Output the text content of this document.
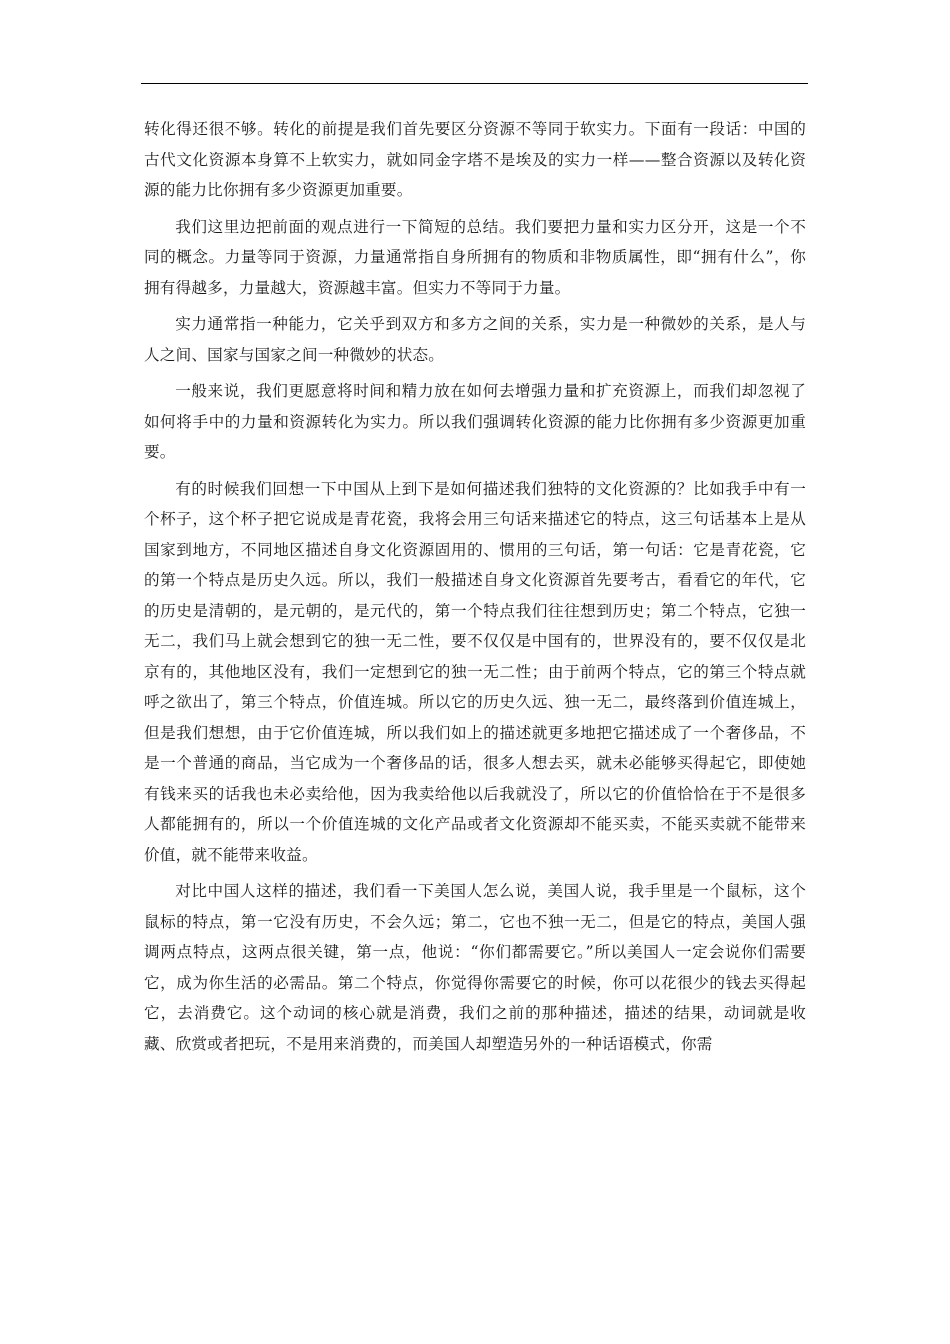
转化得还很不够。转化的前提是我们首先要区分资源不等同于软实力。下面有一段话：中国的古代文化资源本身算不上软实力，就如同金字塔不是埃及的实力一样——整合资源以及转化资源的能力比你拥有多少资源更加重要。

我们这里边把前面的观点进行一下简短的总结。我们要把力量和实力区分开，这是一个不同的概念。力量等同于资源，力量通常指自身所拥有的物质和非物质属性，即“拥有什么”，你拥有得越多，力量越大，资源越丰富。但实力不等同于力量。

实力通常指一种能力，它关乎到双方和多方之间的关系，实力是一种微妙的关系，是人与人之间、国家与国家之间一种微妙的状态。

一般来说，我们更愿意将时间和精力放在如何去增强力量和扩充资源上，而我们却忽视了如何将手中的力量和资源转化为实力。所以我们强调转化资源的能力比你拥有多少资源更加重要。

有的时候我们回想一下中国从上到下是如何描述我们独特的文化资源的？比如我手中有一个杯子，这个杯子把它说成是青花瓷，我将会用三句话来描述它的特点，这三句话基本上是从国家到地方，不同地区描述自身文化资源固用的、惯用的三句话，第一句话：它是青花瓷，它的第一个特点是历史久远。所以，我们一般描述自身文化资源首先要考古，看看它的年代，它的历史是清朝的，是元朝的，是元代的，第一个特点我们往往想到历史；第二个特点，它独一无二，我们马上就会想到它的独一无二性，要不仅仅是中国有的，世界没有的，要不仅仅是北京有的，其他地区没有，我们一定想到它的独一无二性；由于前两个特点，它的第三个特点就呼之欲出了，第三个特点，价值连城。所以它的历史久远、独一无二，最终落到价值连城上，但是我们想想，由于它价值连城，所以我们如上的描述就更多地把它描述成了一个奢侈品，不是一个普通的商品，当它成为一个奢侈品的话，很多人想去买，就未必能够买得起它，即使她有钱来买的话我也未必卖给他，因为我卖给他以后我就没了，所以它的价值恰恰在于不是很多人都能拥有的，所以一个价值连城的文化产品或者文化资源却不能买卖，不能买卖就不能带来价值，就不能带来收益。

对比中国人这样的描述，我们看一下美国人怎么说，美国人说，我手里是一个鼠标，这个鼠标的特点，第一它没有历史，不会久远；第二，它也不独一无二，但是它的特点，美国人强调两点特点，这两点很关键，第一点，他说：“你们都需要它。”所以美国人一定会说你们需要它，成为你生活的必需品。第二个特点，你觉得你需要它的时候，你可以花很少的钱去买得起它，去消费它。这个动词的核心就是消费，我们之前的那种描述，描述的结果，动词就是收藏、欣赏或者把玩，不是用来消费的，而美国人却塑造另外的一种话语模式，你需
